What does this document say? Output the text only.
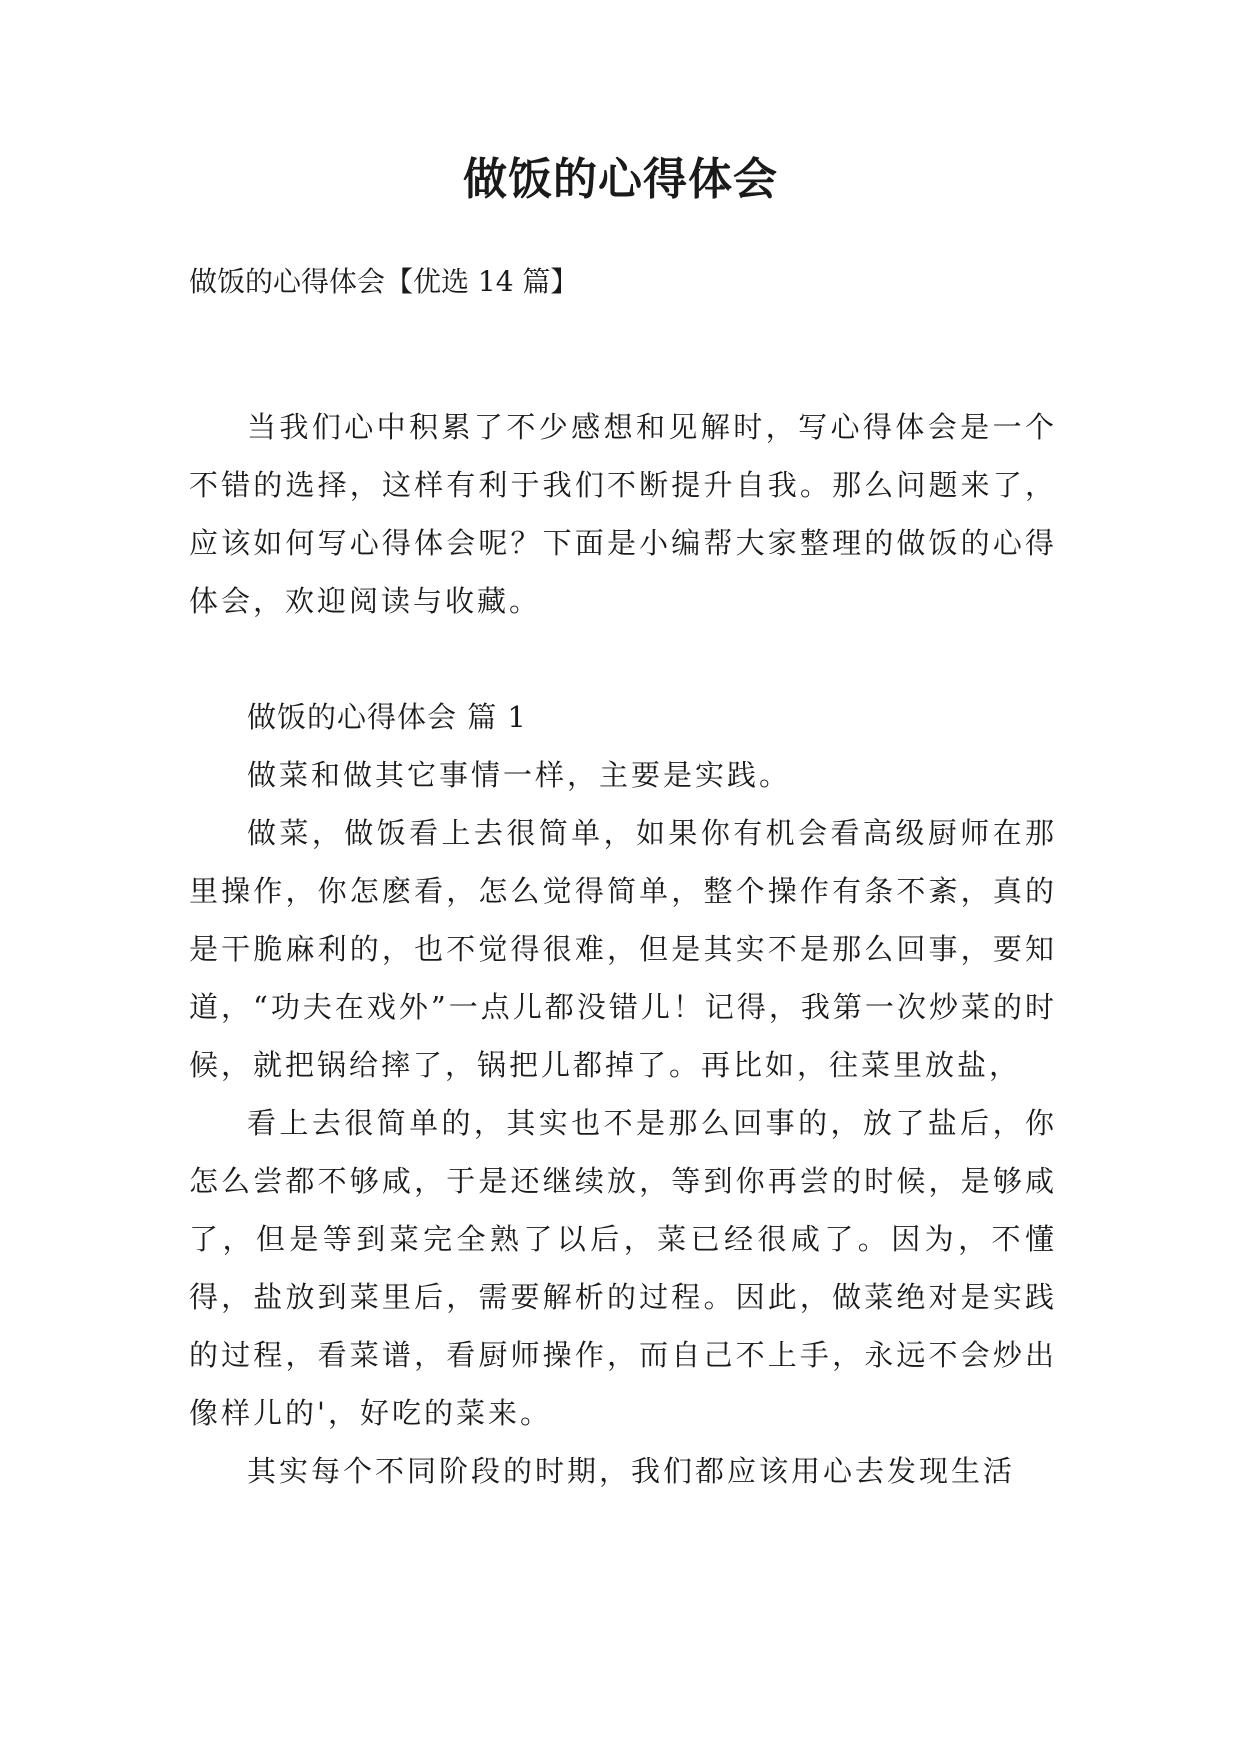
做饭的心得体会

做饭的心得体会【优选 14 篇】

当我们心中积累了不少感想和见解时，写心得体会是一个不错的选择，这样有利于我们不断提升自我。那么问题来了，应该如何写心得体会呢？下面是小编帮大家整理的做饭的心得体会，欢迎阅读与收藏。

做饭的心得体会 篇 1

做菜和做其它事情一样，主要是实践。

做菜，做饭看上去很简单，如果你有机会看高级厨师在那里操作，你怎麽看，怎么觉得简单，整个操作有条不紊，真的是干脆麻利的，也不觉得很难，但是其实不是那么回事，要知道，“功夫在戏外”一点儿都没错儿！记得，我第一次炒菜的时候，就把锅给摔了，锅把儿都掉了。再比如，往菜里放盐，

看上去很简单的，其实也不是那么回事的，放了盐后，你怎么尝都不够咸，于是还继续放，等到你再尝的时候，是够咸了，但是等到菜完全熟了以后，菜已经很咸了。因为，不懂得，盐放到菜里后，需要解析的过程。因此，做菜绝对是实践的过程，看菜谱，看厨师操作，而自己不上手，永远不会炒出像样儿的'，好吃的菜来。

其实每个不同阶段的时期，我们都应该用心去发现生活
